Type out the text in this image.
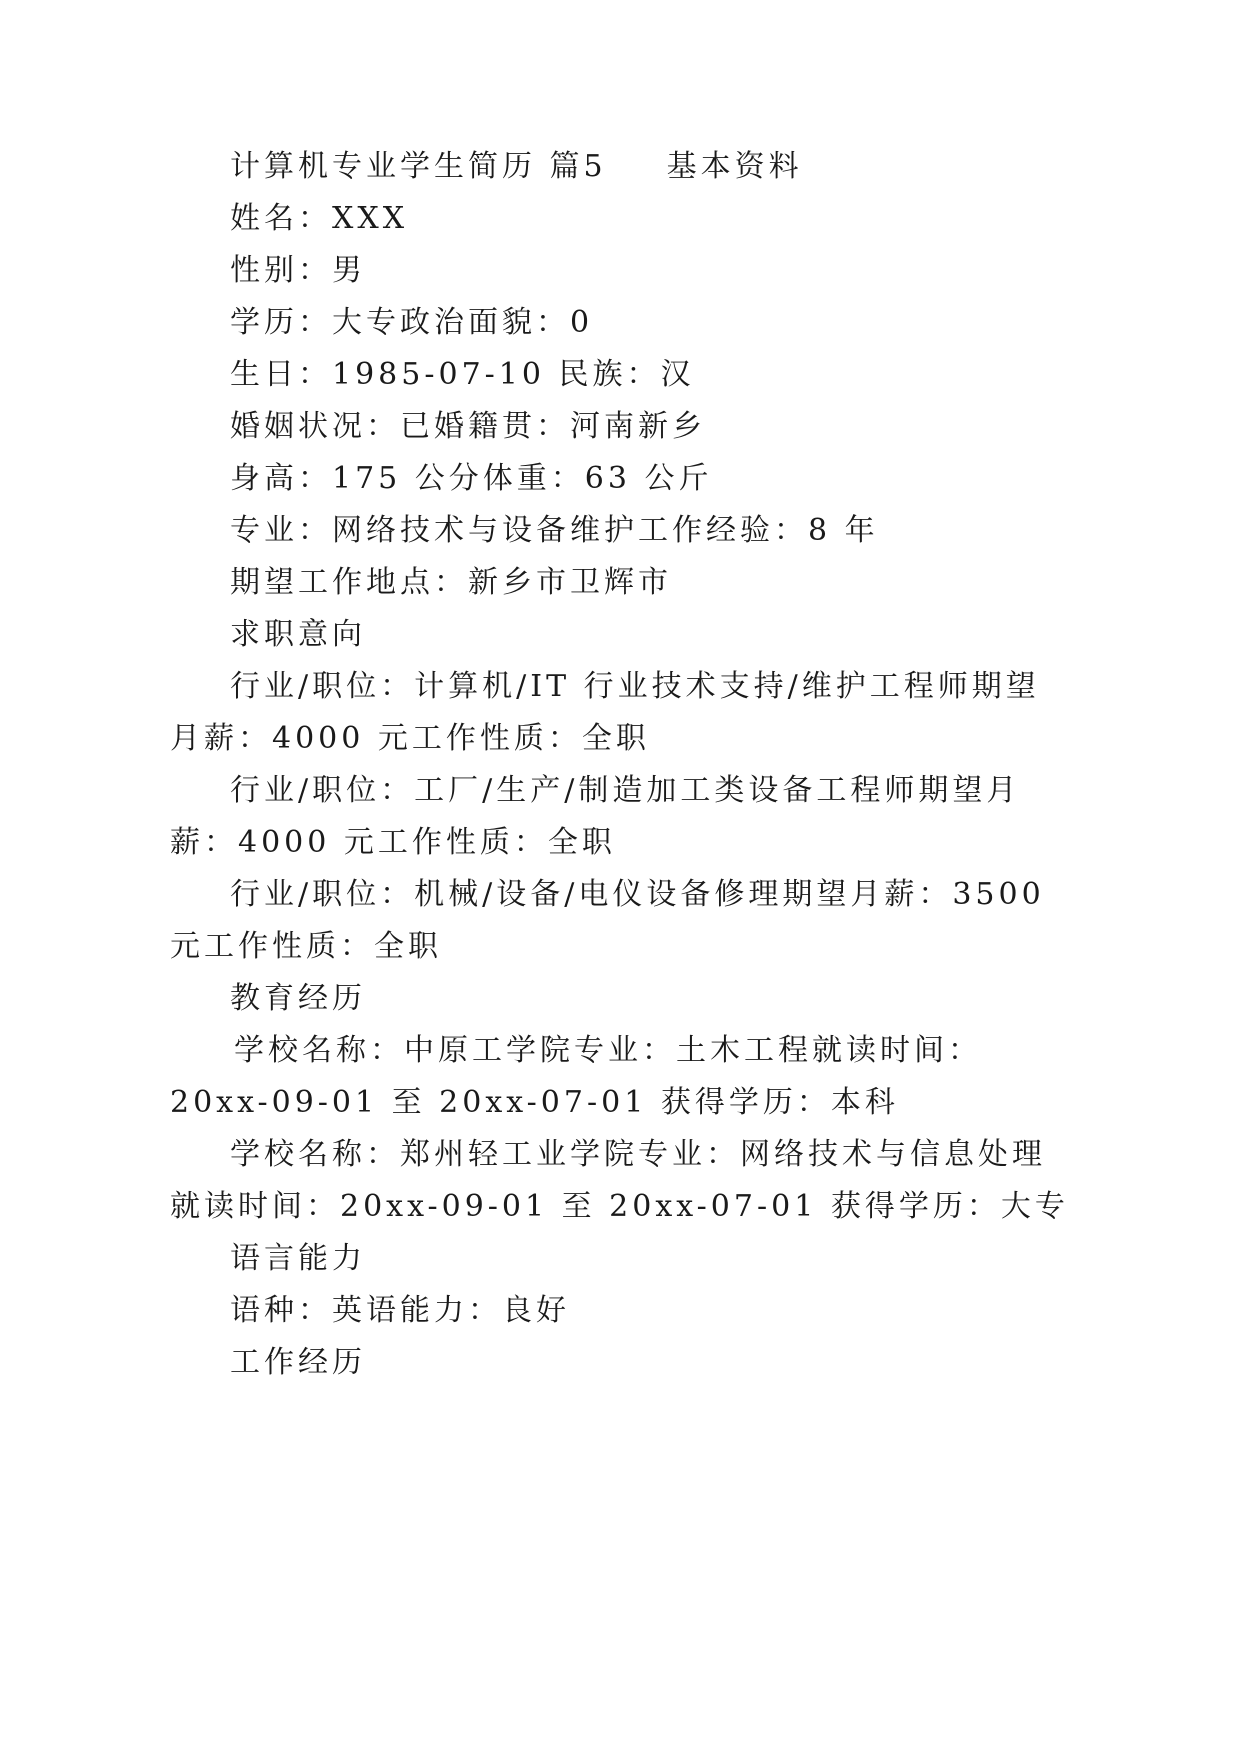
计算机专业学生简历 篇5 基本资料

姓名：XXX

性别：男

学历：大专政治面貌：0

生日：1985-07-10 民族：汉

婚姻状况：已婚籍贯：河南新乡

身高：175 公分体重：63 公斤

专业：网络技术与设备维护工作经验：8 年

期望工作地点：新乡市卫辉市

求职意向

行业/职位：计算机/IT 行业技术支持/维护工程师期望

月薪：4000 元工作性质：全职

行业/职位：工厂/生产/制造加工类设备工程师期望月

薪：4000 元工作性质：全职

行业/职位：机械/设备/电仪设备修理期望月薪：3500

元工作性质：全职

教育经历

学校名称：中原工学院专业：土木工程就读时间：

20xx-09-01 至 20xx-07-01 获得学历：本科

学校名称：郑州轻工业学院专业：网络技术与信息处理

就读时间：20xx-09-01 至 20xx-07-01 获得学历：大专

语言能力

语种：英语能力：良好

工作经历
